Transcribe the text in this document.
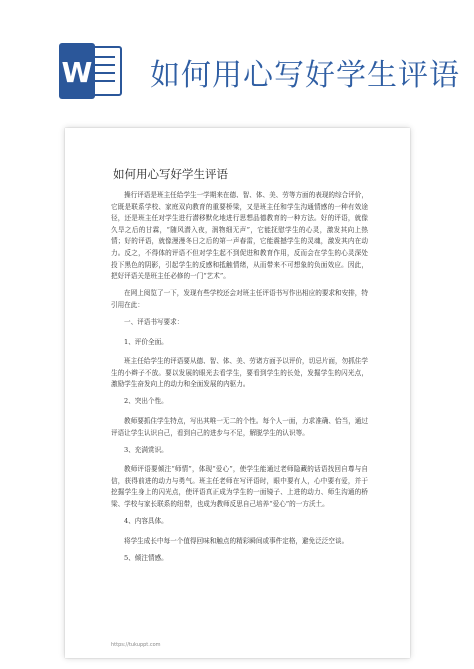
W 如何用心写好学生评语
如何用心写好学生评语

操行评语是班主任给学生一学期来在德、智、体、美、劳等方面的表现的综合评价，它既是联系学校、家庭双向教育的重要桥梁，又是班主任和学生沟通情感的一种有效途径，还是班主任对学生进行潜移默化地进行思想品德教育的一种方法。好的评语，就像久旱之后的甘霖，“随风潜入夜，润物细无声”，它能抚慰学生的心灵，激发其向上热情；好的评语，就像漫漫冬日之后的第一声春雷，它能震撼学生的灵魂，激发其内在动力。反之，不得体的评语不但对学生起不到促进和教育作用，反而会在学生的心灵深处投下黑色的阴影，引起学生的反感和抵触情绪，从而带来不可想象的负面效应。因此，把好评语关是班主任必修的一门“艺术”。

在网上阅览了一下，发现有些学校还会对班主任评语书写作出相应的要求和安排，特引用在此：

一、评语书写要求：

1、评价全面。

班主任给学生的评语要从德、智、体、美、劳诸方面予以评价，切忌片面，勿抓住学生的小辫子不放。要以发展的眼光去看学生，要看到学生的长处，发掘学生的闪光点，激励学生奋发向上的动力和全面发展的内驱力。

2、突出个性。

教师要抓住学生特点，写出其唯一无二的个性。每个人一面，力求准确、恰当，通过评语让学生认识自己，看到自己的进步与不足，解脱学生的认识等。

3、充满赏识。

教师评语要倾注“师情”，体现“爱心”，使学生能通过老师隐藏的话语找回自尊与自信，获得前进的动力与勇气。班主任老师在写评语时，眼中要有人，心中要有爱，并于挖掘学生身上的闪光点，使评语真正成为学生的一面镜子、上进的动力、师生沟通的桥梁、学校与家长联系的纽带，也成为教师反思自己培养“爱心”的一方沃土。

4、内容具体。

将学生成长中每一个值得回味和触点的精彩瞬间或事件定格，避免泛泛空谈。

5、倾注情感。

https://tukuppt.com
